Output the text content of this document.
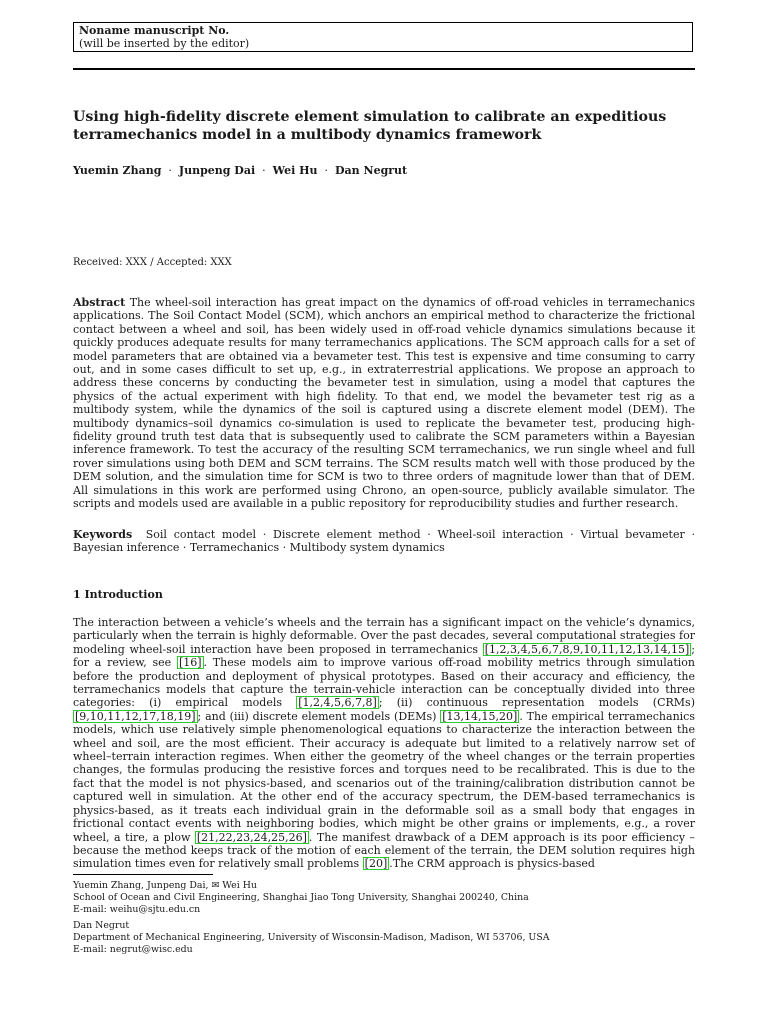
Noname manuscript No.
(will be inserted by the editor)
Using high-fidelity discrete element simulation to calibrate an expeditious terramechanics model in a multibody dynamics framework
Yuemin Zhang · Junpeng Dai · Wei Hu · Dan Negrut
Received: XXX / Accepted: XXX

Abstract The wheel-soil interaction has great impact on the dynamics of off-road vehicles in terramechanics applications. The Soil Contact Model (SCM), which anchors an empirical method to characterize the frictional contact between a wheel and soil, has been widely used in off-road vehicle dynamics simulations because it quickly produces adequate results for many terramechanics applications. The SCM approach calls for a set of model parameters that are obtained via a bevameter test. This test is expensive and time consuming to carry out, and in some cases difficult to set up, e.g., in extraterrestrial applications. We propose an approach to address these concerns by conducting the bevameter test in simulation, using a model that captures the physics of the actual experiment with high fidelity. To that end, we model the bevameter test rig as a multibody system, while the dynamics of the soil is captured using a discrete element model (DEM). The multibody dynamics–soil dynamics co-simulation is used to replicate the bevameter test, producing high-fidelity ground truth test data that is subsequently used to calibrate the SCM parameters within a Bayesian inference framework. To test the accuracy of the resulting SCM terramechanics, we run single wheel and full rover simulations using both DEM and SCM terrains. The SCM results match well with those produced by the DEM solution, and the simulation time for SCM is two to three orders of magnitude lower than that of DEM. All simulations in this work are performed using Chrono, an open-source, publicly available simulator. The scripts and models used are available in a public repository for reproducibility studies and further research.

Keywords Soil contact model · Discrete element method · Wheel-soil interaction · Virtual bevameter · Bayesian inference · Terramechanics · Multibody system dynamics

1 Introduction

The interaction between a vehicle’s wheels and the terrain has a significant impact on the vehicle’s dynamics, particularly when the terrain is highly deformable. Over the past decades, several computational strategies for modeling wheel-soil interaction have been proposed in terramechanics [1,2,3,4,5,6,7,8,9,10,11,12,13,14,15] ; for a review, see [16] . These models aim to improve various off-road mobility metrics through simulation before the production and deployment of physical prototypes. Based on their accuracy and efficiency, the terramechanics models that capture the terrain-vehicle interaction can be conceptually divided into three categories: (i) empirical models [1,2,4,5,6,7,8] ; (ii) continuous representation models (CRMs) [9,10,11,12,17,18,19] ; and (iii) discrete element models (DEMs) [13,14,15,20] . The empirical terramechanics models, which use relatively simple phenomenological equations to characterize the interaction between the wheel and soil, are the most efficient. Their accuracy is adequate but limited to a relatively narrow set of wheel–terrain interaction regimes. When either the geometry of the wheel changes or the terrain properties changes, the formulas producing the resistive forces and torques need to be recalibrated. This is due to the fact that the model is not physics-based, and scenarios out of the training/calibration distribution cannot be captured well in simulation. At the other end of the accuracy spectrum, the DEM-based terramechanics is physics-based, as it treats each individual grain in the deformable soil as a small body that engages in frictional contact events with neighboring bodies, which might be other grains or implements, e.g., a rover wheel, a tire, a plow [21,22,23,24,25,26] . The manifest drawback of a DEM approach is its poor efficiency – because the method keeps track of the motion of each element of the terrain, the DEM solution requires high simulation times even for relatively small problems [20] .The CRM approach is physics-based

Yuemin Zhang, Junpeng Dai, ✉ Wei Hu
School of Ocean and Civil Engineering, Shanghai Jiao Tong University, Shanghai 200240, China
E-mail: weihu@sjtu.edu.cn
Dan Negrut
Department of Mechanical Engineering, University of Wisconsin-Madison, Madison, WI 53706, USA
E-mail: negrut@wisc.edu
